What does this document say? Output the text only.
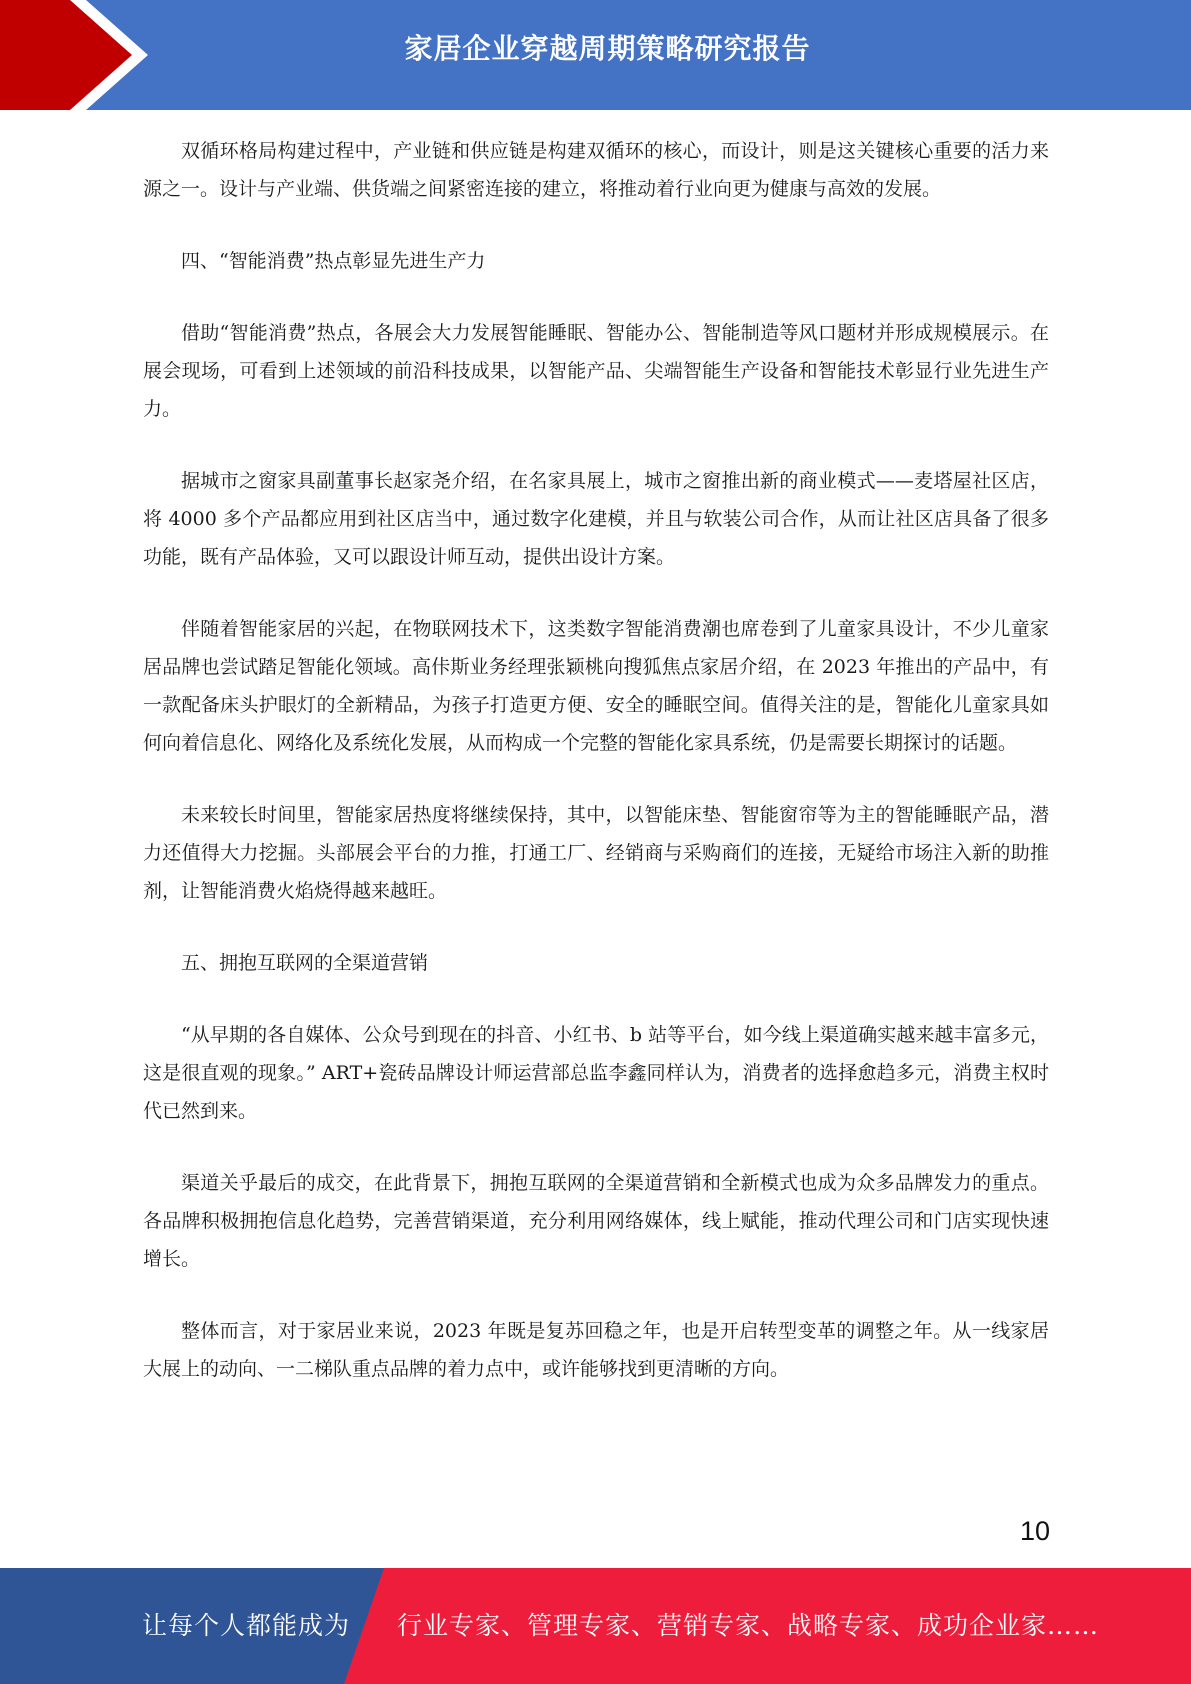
家居企业穿越周期策略研究报告

双循环格局构建过程中，产业链和供应链是构建双循环的核心，而设计，则是这关键核心重要的活力来源之一。设计与产业端、供货端之间紧密连接的建立，将推动着行业向更为健康与高效的发展。

四、“智能消费”热点彰显先进生产力

借助“智能消费”热点，各展会大力发展智能睡眠、智能办公、智能制造等风口题材并形成规模展示。在展会现场，可看到上述领域的前沿科技成果，以智能产品、尖端智能生产设备和智能技术彰显行业先进生产力。

据城市之窗家具副董事长赵家尧介绍，在名家具展上，城市之窗推出新的商业模式——麦塔屋社区店，将 4000 多个产品都应用到社区店当中，通过数字化建模，并且与软装公司合作，从而让社区店具备了很多功能，既有产品体验，又可以跟设计师互动，提供出设计方案。

伴随着智能家居的兴起，在物联网技术下，这类数字智能消费潮也席卷到了儿童家具设计，不少儿童家居品牌也尝试踏足智能化领域。高佧斯业务经理张颖桃向搜狐焦点家居介绍，在 2023 年推出的产品中，有一款配备床头护眼灯的全新精品，为孩子打造更方便、安全的睡眠空间。值得关注的是，智能化儿童家具如何向着信息化、网络化及系统化发展，从而构成一个完整的智能化家具系统，仍是需要长期探讨的话题。

未来较长时间里，智能家居热度将继续保持，其中，以智能床垫、智能窗帘等为主的智能睡眠产品，潜力还值得大力挖掘。头部展会平台的力推，打通工厂、经销商与采购商们的连接，无疑给市场注入新的助推剂，让智能消费火焰烧得越来越旺。

五、拥抱互联网的全渠道营销

“从早期的各自媒体、公众号到现在的抖音、小红书、b 站等平台，如今线上渠道确实越来越丰富多元，这是很直观的现象。” ART+瓷砖品牌设计师运营部总监李鑫同样认为，消费者的选择愈趋多元，消费主权时代已然到来。

渠道关乎最后的成交，在此背景下，拥抱互联网的全渠道营销和全新模式也成为众多品牌发力的重点。各品牌积极拥抱信息化趋势，完善营销渠道，充分利用网络媒体，线上赋能，推动代理公司和门店实现快速增长。

整体而言，对于家居业来说，2023 年既是复苏回稳之年，也是开启转型变革的调整之年。从一线家居大展上的动向、一二梯队重点品牌的着力点中，或许能够找到更清晰的方向。

10
让每个人都能成为 行业专家、管理专家、营销专家、战略专家、成功企业家……
